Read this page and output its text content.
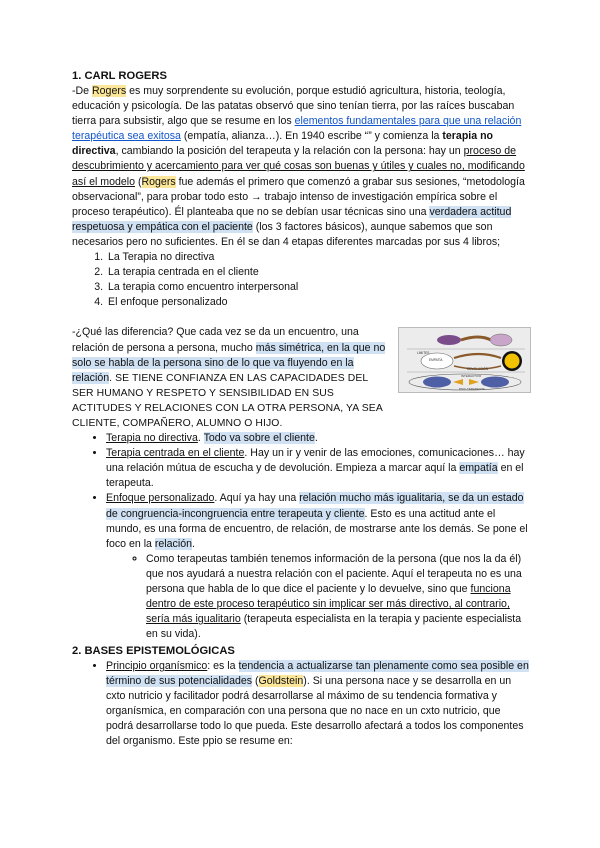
1. CARL ROGERS

-De Rogers es muy sorprendente su evolución, porque estudió agricultura, historia, teología, educación y psicología. De las patatas observó que sino tenían tierra, por las raíces buscaban tierra para subsistir, algo que se resume en los elementos fundamentales para que una relación terapéutica sea exitosa (empatía, alianza…). En 1940 escribe “” y comienza la terapia no directiva, cambiando la posición del terapeuta y la relación con la persona: hay un proceso de descubrimiento y acercamiento para ver qué cosas son buenas y útiles y cuales no, modificando así el modelo (Rogers fue además el primero que comenzó a grabar sus sesiones, “metodología observacional”, para probar todo esto → trabajo intenso de investigación empírica sobre el proceso terapéutico). Él planteaba que no se debían usar técnicas sino una verdadera actitud respetuosa y empática con el paciente (los 3 factores básicos), aunque sabemos que son necesarios pero no suficientes. En él se dan 4 etapas diferentes marcadas por sus 4 libros;

1. La Terapia no directiva
2. La terapia centrada en el cliente
3. La terapia como encuentro interpersonal
4. El enfoque personalizado

-¿Qué las diferencia? Que cada vez se da un encuentro, una relación de persona a persona, mucho más simétrica, en la que no solo se habla de la persona sino de lo que va fluyendo en la relación. SE TIENE CONFIANZA EN LAS CAPACIDADES DEL SER HUMANO Y RESPETO Y SENSIBILIDAD EN SUS ACTITUDES Y RELACIONES CON LA OTRA PERSONA, YA SEA CLIENTE, COMPAÑERO, ALUMNO O HIJO.

• Terapia no directiva. Todo va sobre el cliente.
• Terapia centrada en el cliente. Hay un ir y venir de las emociones, comunicaciones… hay una relación mútua de escucha y de devolución. Empieza a marcar aquí la empatía en el terapeuta.
• Enfoque personalizado. Aquí ya hay una relación mucho más igualitaria, se da un estado de congruencia-incongruencia entre terapeuta y cliente. Esto es una actitud ante el mundo, es una forma de encuentro, de relación, de mostrarse ante los demás. Se pone el foco en la relación.
◦ Como terapeutas también tenemos información de la persona (que nos la da él) que nos ayudará a nuestra relación con el paciente. Aquí el terapeuta no es una persona que habla de lo que dice el paciente y lo devuelve, sino que funciona dentro de este proceso terapéutico sin implicar ser más directivo, al contrario, sería más igualitario (terapeuta especialista en la terapia y paciente especialista en su vida).
LIMITES
EMPATÍA
DEVOLUCIÓN
INTERACTIVO
PSIC-TERAPEUTA
2. BASES EPISTEMOLÓGICAS
• Principio organísmico: es la tendencia a actualizarse tan plenamente como sea posible en término de sus potencialidades (Goldstein). Si una persona nace y se desarrolla en un cxto nutricio y facilitador podrá desarrollarse al máximo de su tendencia formativa y organísmica, en comparación con una persona que no nace en un cxto nutricio, que podrá desarrollarse todo lo que pueda. Este desarrollo afectará a todos los componentes del organismo. Este ppio se resume en:
